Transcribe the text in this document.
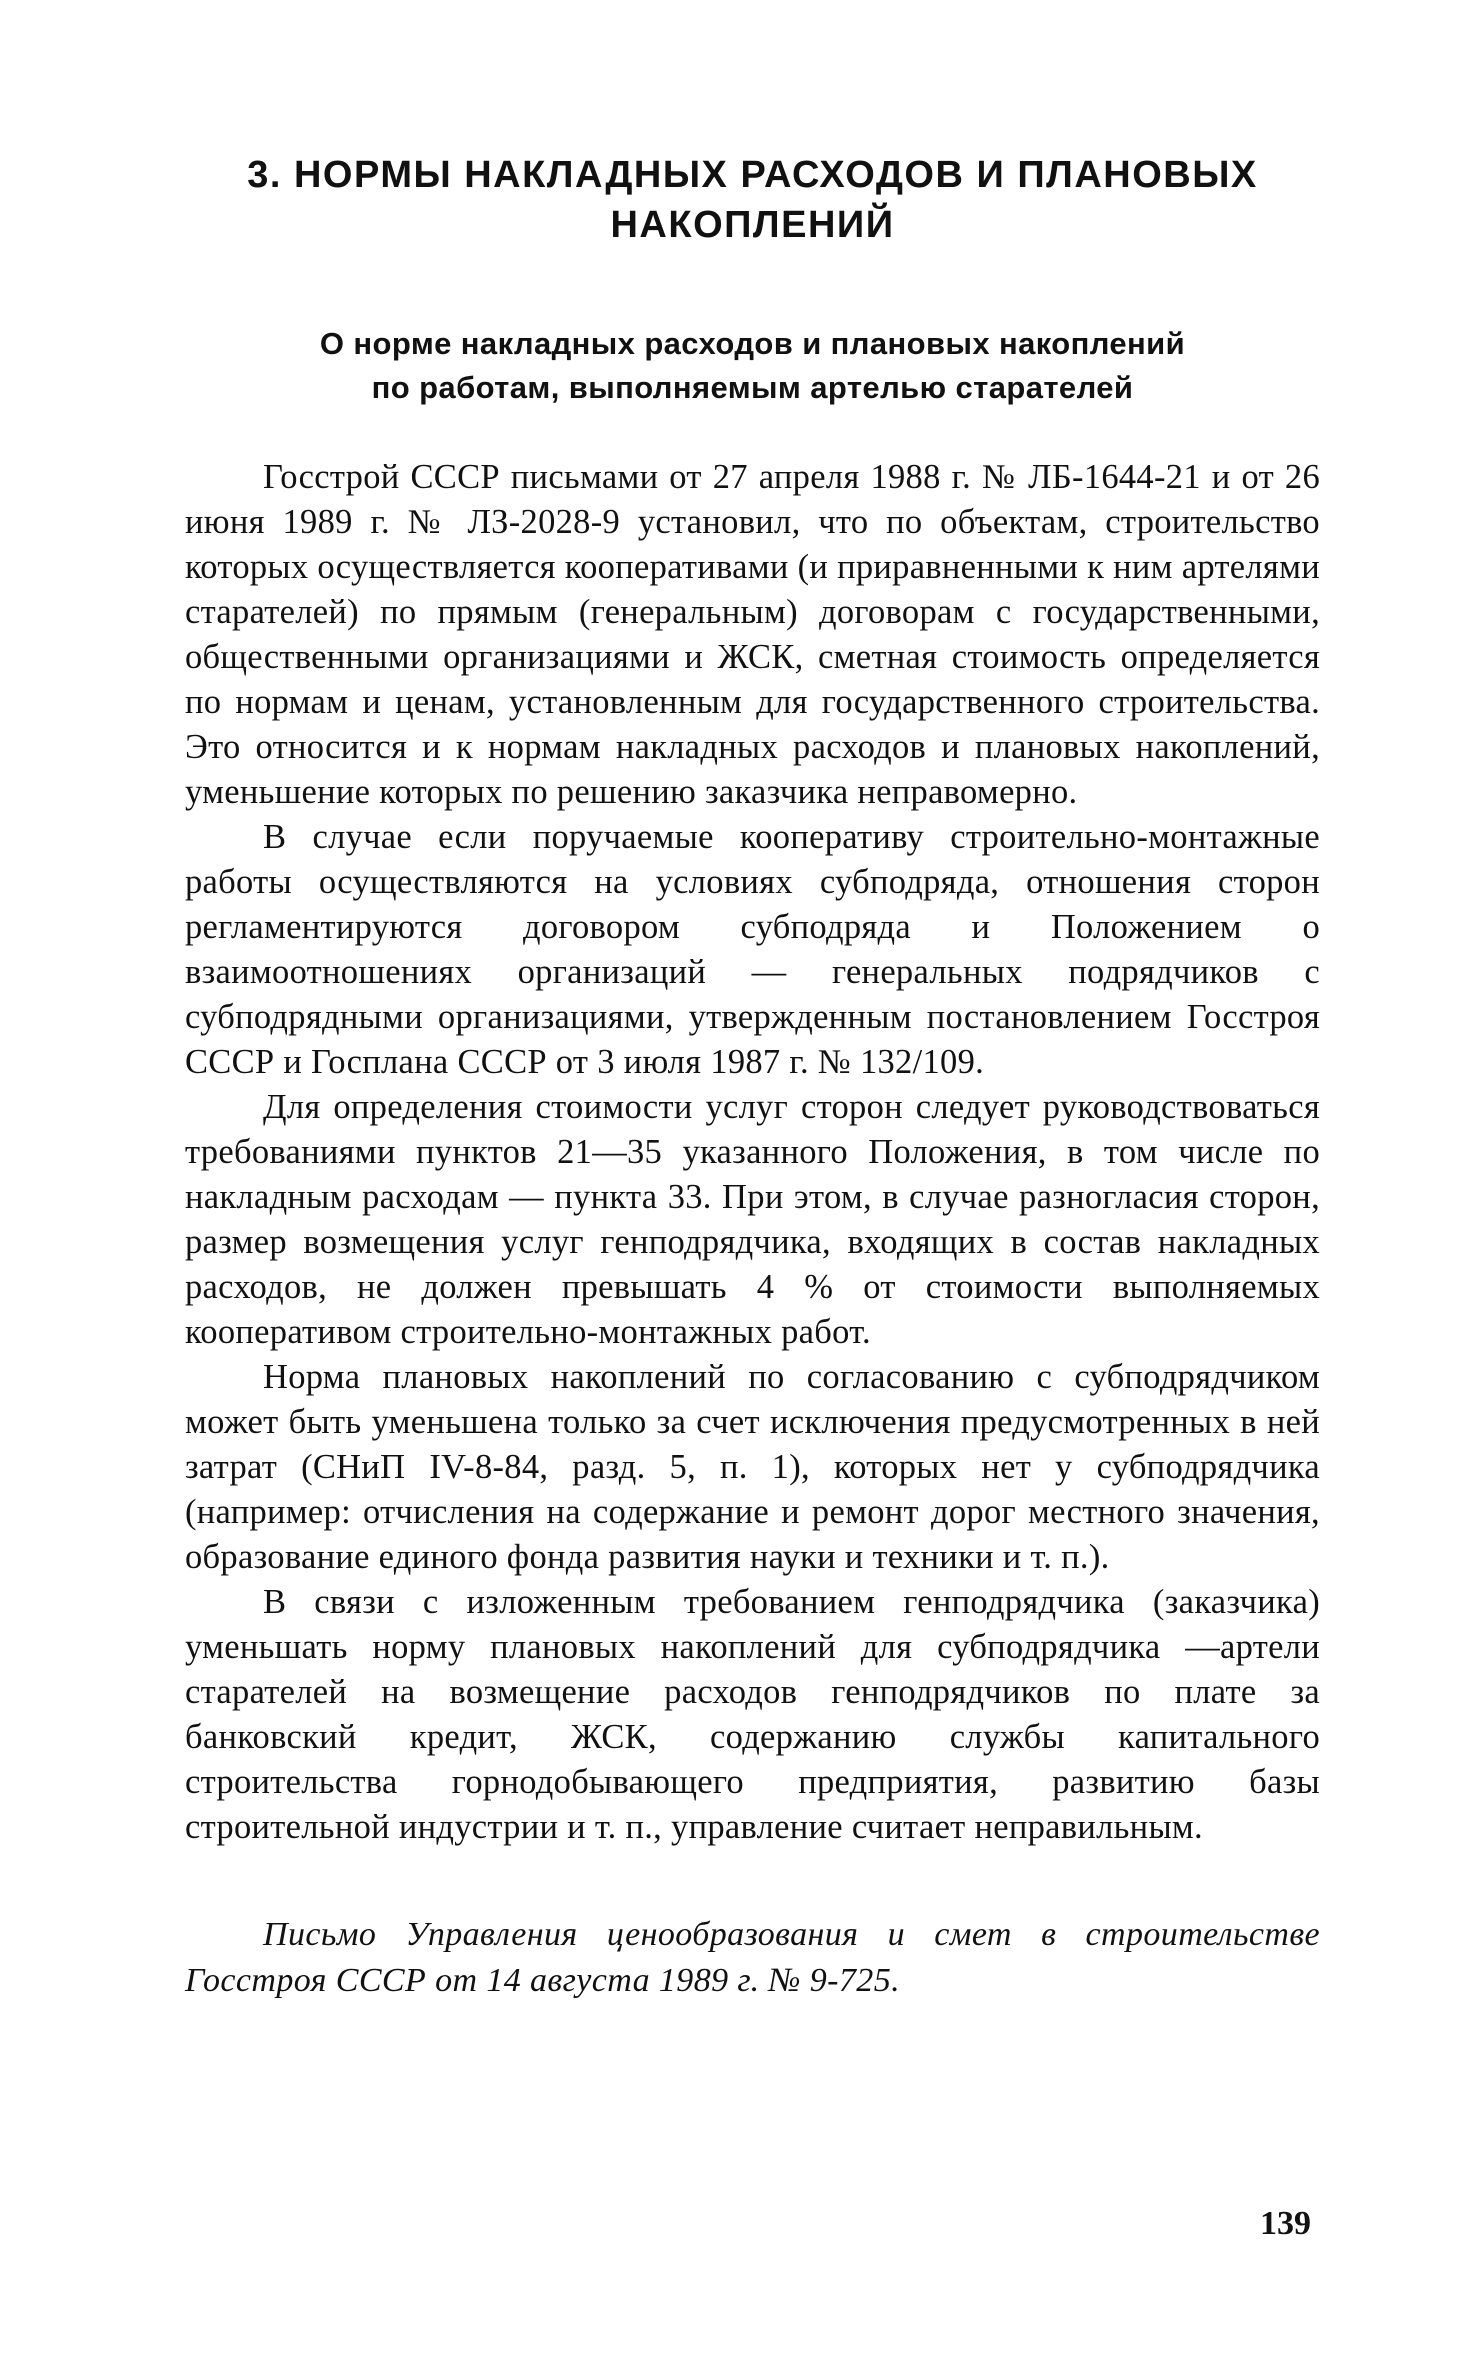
3. НОРМЫ НАКЛАДНЫХ РАСХОДОВ И ПЛАНОВЫХ НАКОПЛЕНИЙ
О норме накладных расходов и плановых накоплений
по работам, выполняемым артелью старателей

Госстрой СССР письмами от 27 апреля 1988 г. № ЛБ-1644-21 и от 26 июня 1989 г. № ЛЗ-2028-9 установил, что по объектам, строительство которых осуществляется кооперативами (и приравненными к ним артелями старателей) по прямым (генеральным) договорам с государственными, общественными организациями и ЖСК, сметная стоимость определяется по нормам и ценам, установленным для государственного строительства. Это относится и к нормам накладных расходов и плановых накоплений, уменьшение которых по решению заказчика неправомерно.

В случае если поручаемые кооперативу строительно-монтажные работы осуществляются на условиях субподряда, отношения сторон регламентируются договором субподряда и Положением о взаимоотношениях организаций — генеральных подрядчиков с субподрядными организациями, утвержденным постановлением Госстроя СССР и Госплана СССР от 3 июля 1987 г. № 132/109.

Для определения стоимости услуг сторон следует руководствоваться требованиями пунктов 21—35 указанного Положения, в том числе по накладным расходам — пункта 33. При этом, в случае разногласия сторон, размер возмещения услуг генподрядчика, входящих в состав накладных расходов, не должен превышать 4 % от стоимости выполняемых кооперативом строительно-монтажных работ.

Норма плановых накоплений по согласованию с субподрядчиком может быть уменьшена только за счет исключения предусмотренных в ней затрат (СНиП IV-8-84, разд. 5, п. 1), которых нет у субподрядчика (например: отчисления на содержание и ремонт дорог местного значения, образование единого фонда развития науки и техники и т. п.).

В связи с изложенным требованием генподрядчика (заказчика) уменьшать норму плановых накоплений для субподрядчика —артели старателей на возмещение расходов генподрядчиков по плате за банковский кредит, ЖСК, содержанию службы капитального строительства горнодобывающего предприятия, развитию базы строительной индустрии и т. п., управление считает неправильным.

Письмо Управления ценообразования и смет в строительстве Госстроя СССР от 14 августа 1989 г. № 9-725.
139
